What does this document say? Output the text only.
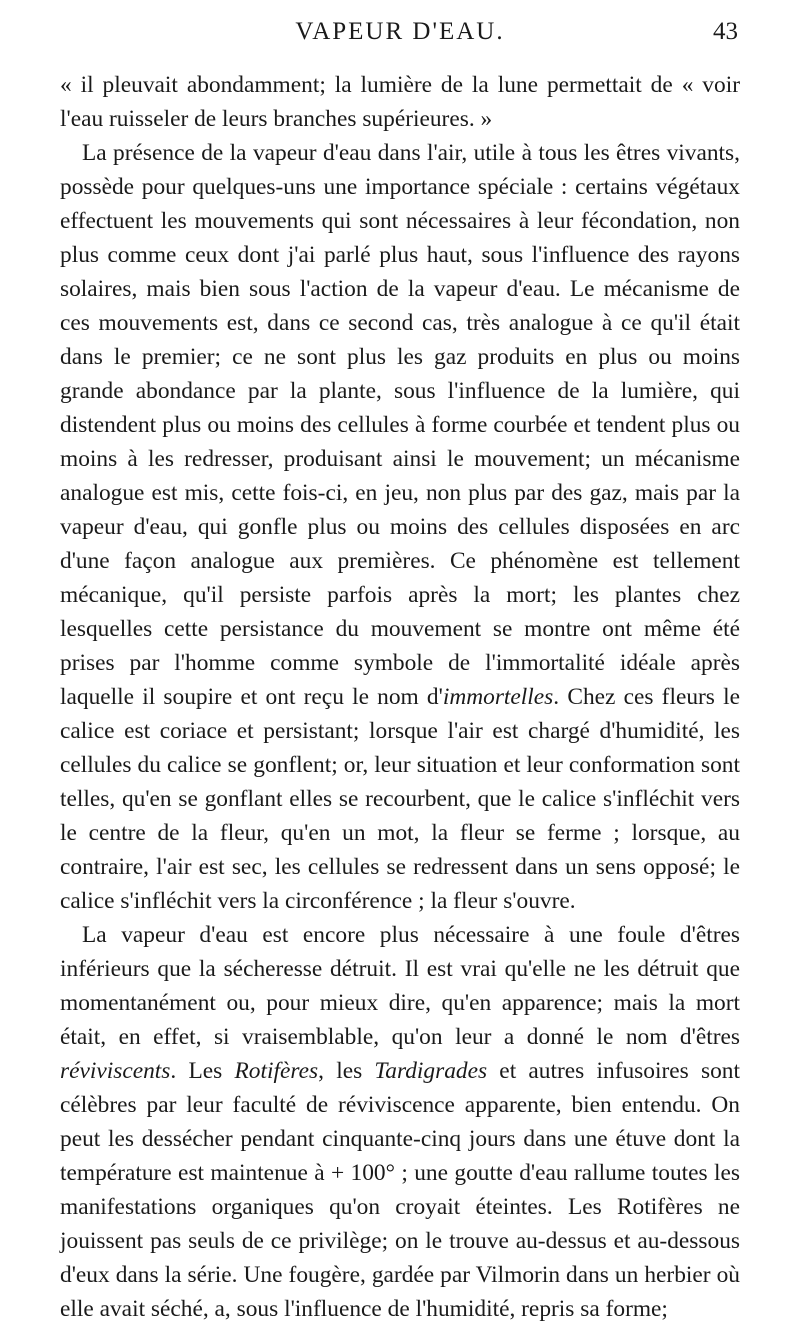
VAPEUR D'EAU.	43

« il pleuvait abondamment; la lumière de la lune permettait de « voir l'eau ruisseler de leurs branches supérieures. »

La présence de la vapeur d'eau dans l'air, utile à tous les êtres vivants, possède pour quelques-uns une importance spéciale : certains végétaux effectuent les mouvements qui sont nécessaires à leur fécondation, non plus comme ceux dont j'ai parlé plus haut, sous l'influence des rayons solaires, mais bien sous l'action de la vapeur d'eau. Le mécanisme de ces mouvements est, dans ce second cas, très analogue à ce qu'il était dans le premier; ce ne sont plus les gaz produits en plus ou moins grande abondance par la plante, sous l'influence de la lumière, qui distendent plus ou moins des cellules à forme courbée et tendent plus ou moins à les redresser, produisant ainsi le mouvement; un mécanisme analogue est mis, cette fois-ci, en jeu, non plus par des gaz, mais par la vapeur d'eau, qui gonfle plus ou moins des cellules disposées en arc d'une façon analogue aux premières. Ce phénomène est tellement mécanique, qu'il persiste parfois après la mort; les plantes chez lesquelles cette persistance du mouvement se montre ont même été prises par l'homme comme symbole de l'immortalité idéale après laquelle il soupire et ont reçu le nom d'immortelles. Chez ces fleurs le calice est coriace et persistant; lorsque l'air est chargé d'humidité, les cellules du calice se gonflent; or, leur situation et leur conformation sont telles, qu'en se gonflant elles se recourbent, que le calice s'infléchit vers le centre de la fleur, qu'en un mot, la fleur se ferme ; lorsque, au contraire, l'air est sec, les cellules se redressent dans un sens opposé; le calice s'infléchit vers la circonférence ; la fleur s'ouvre.

La vapeur d'eau est encore plus nécessaire à une foule d'êtres inférieurs que la sécheresse détruit. Il est vrai qu'elle ne les détruit que momentanément ou, pour mieux dire, qu'en apparence; mais la mort était, en effet, si vraisemblable, qu'on leur a donné le nom d'êtres réviviscents. Les Rotifères, les Tardigrades et autres infusoires sont célèbres par leur faculté de réviviscence apparente, bien entendu. On peut les dessécher pendant cinquante-cinq jours dans une étuve dont la température est maintenue à + 100° ; une goutte d'eau rallume toutes les manifestations organiques qu'on croyait éteintes. Les Rotifères ne jouissent pas seuls de ce privilège; on le trouve au-dessus et au-dessous d'eux dans la série. Une fougère, gardée par Vilmorin dans un herbier où elle avait séché, a, sous l'influence de l'humidité, repris sa forme;
